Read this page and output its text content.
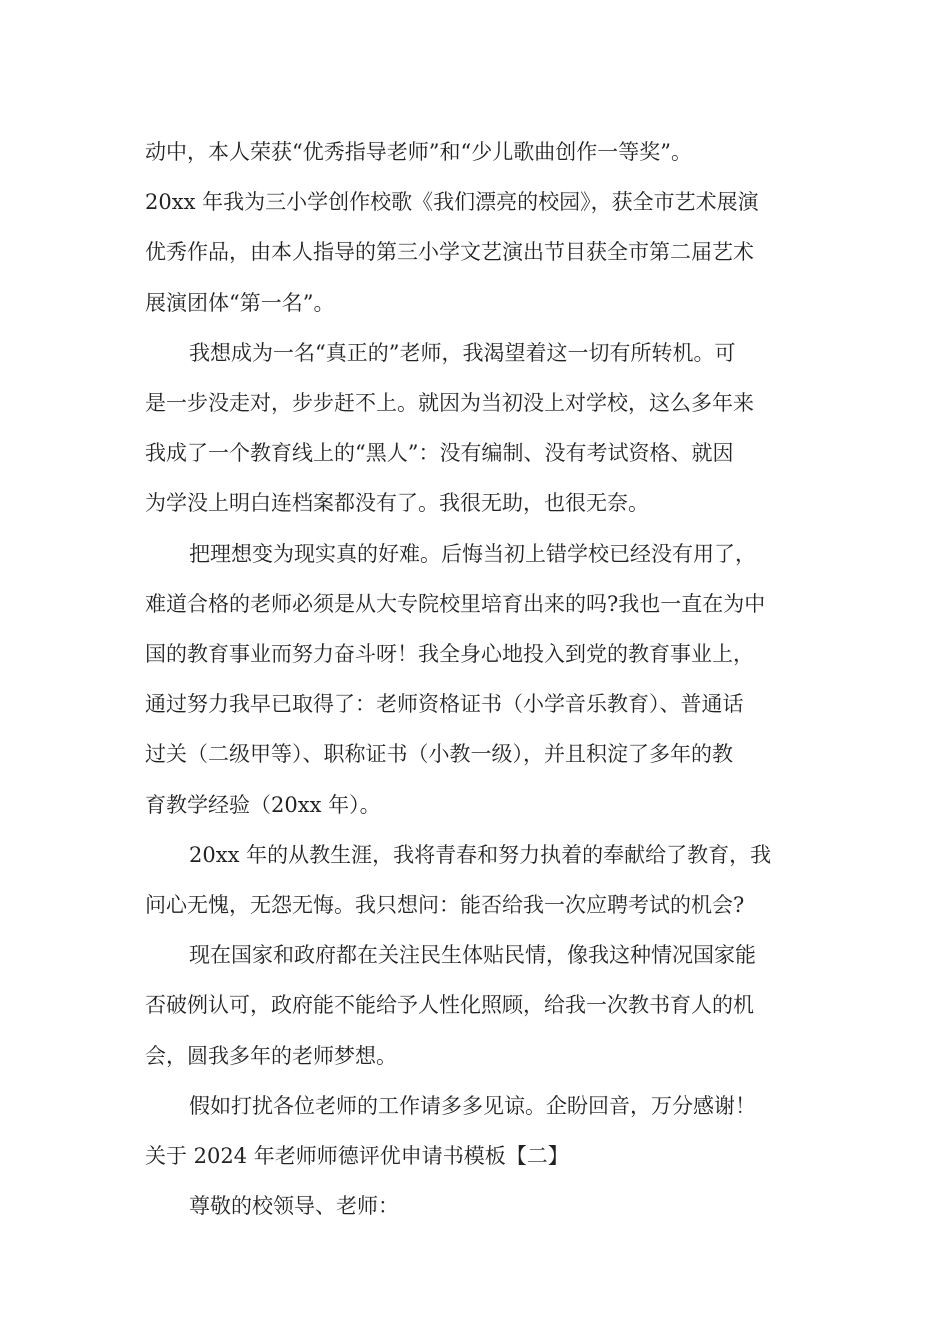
动中，本人荣获“优秀指导老师”和“少儿歌曲创作一等奖”。
20xx 年我为三小学创作校歌《我们漂亮的校园》，获全市艺术展演
优秀作品，由本人指导的第三小学文艺演出节目获全市第二届艺术
展演团体“第一名”。

我想成为一名“真正的”老师，我渴望着这一切有所转机。可
是一步没走对，步步赶不上。就因为当初没上对学校，这么多年来
我成了一个教育线上的“黑人”：没有编制、没有考试资格、就因
为学没上明白连档案都没有了。我很无助，也很无奈。

把理想变为现实真的好难。后悔当初上错学校已经没有用了，
难道合格的老师必须是从大专院校里培育出来的吗?我也一直在为中
国的教育事业而努力奋斗呀！我全身心地投入到党的教育事业上，
通过努力我早已取得了：老师资格证书（小学音乐教育）、普通话
过关（二级甲等）、职称证书（小教一级），并且积淀了多年的教
育教学经验（20xx 年）。

20xx 年的从教生涯，我将青春和努力执着的奉献给了教育，我
问心无愧，无怨无悔。我只想问：能否给我一次应聘考试的机会?

现在国家和政府都在关注民生体贴民情，像我这种情况国家能
否破例认可，政府能不能给予人性化照顾，给我一次教书育人的机
会，圆我多年的老师梦想。

假如打扰各位老师的工作请多多见谅。企盼回音，万分感谢！

关于 2024 年老师师德评优申请书模板【二】

尊敬的校领导、老师：
